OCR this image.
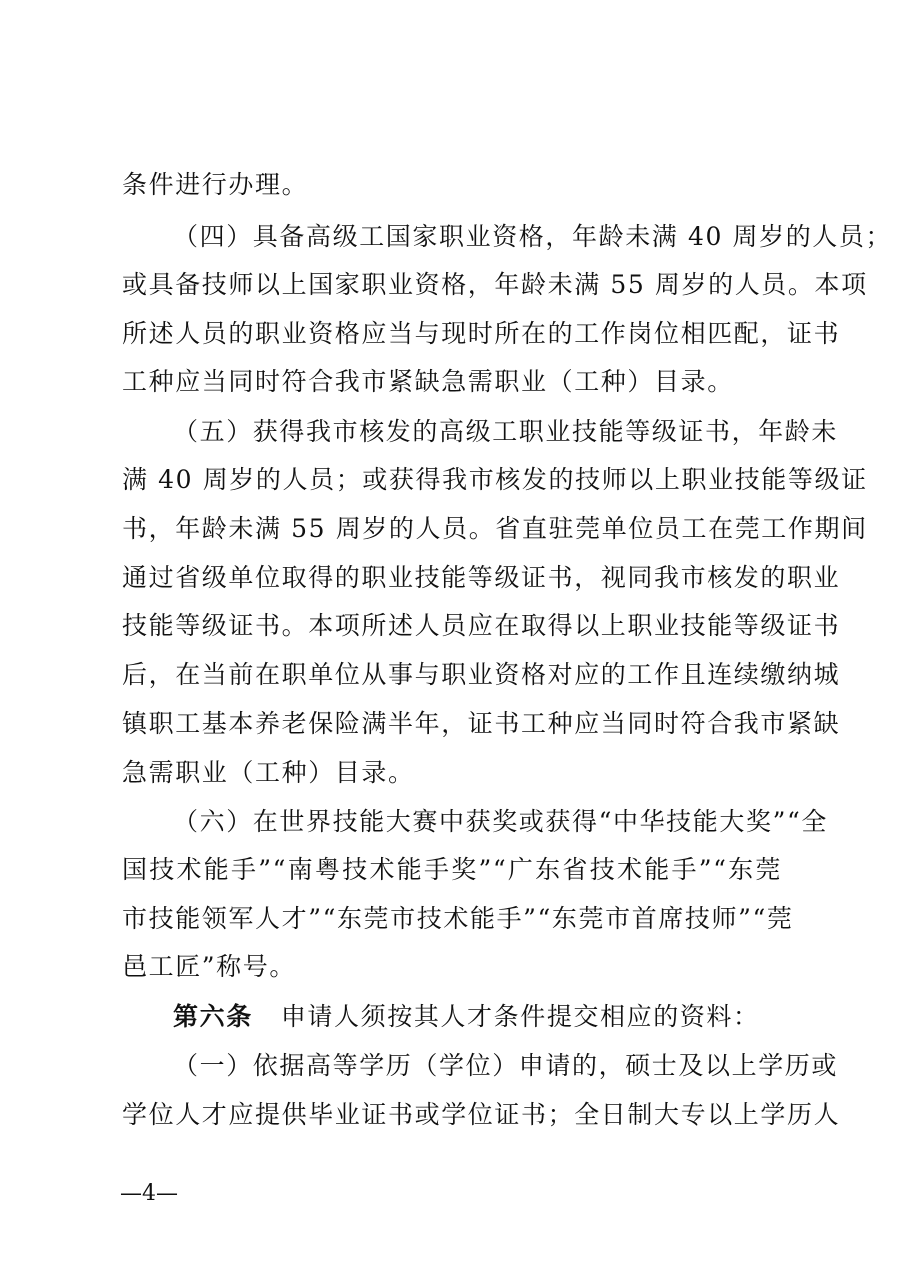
条件进行办理。
（四）具备高级工国家职业资格，年龄未满 40 周岁的人员；
或具备技师以上国家职业资格，年龄未满 55 周岁的人员。本项
所述人员的职业资格应当与现时所在的工作岗位相匹配，证书
工种应当同时符合我市紧缺急需职业（工种）目录。
（五）获得我市核发的高级工职业技能等级证书，年龄未
满 40 周岁的人员；或获得我市核发的技师以上职业技能等级证
书，年龄未满 55 周岁的人员。省直驻莞单位员工在莞工作期间
通过省级单位取得的职业技能等级证书，视同我市核发的职业
技能等级证书。本项所述人员应在取得以上职业技能等级证书
后，在当前在职单位从事与职业资格对应的工作且连续缴纳城
镇职工基本养老保险满半年，证书工种应当同时符合我市紧缺
急需职业（工种）目录。
（六）在世界技能大赛中获奖或获得“中华技能大奖”“全
国技术能手”“南粤技术能手奖”“广东省技术能手”“东莞
市技能领军人才”“东莞市技术能手”“东莞市首席技师”“莞
邑工匠”称号。
第六条 申请人须按其人才条件提交相应的资料：
（一）依据高等学历（学位）申请的，硕士及以上学历或
学位人才应提供毕业证书或学位证书；全日制大专以上学历人
—4—
